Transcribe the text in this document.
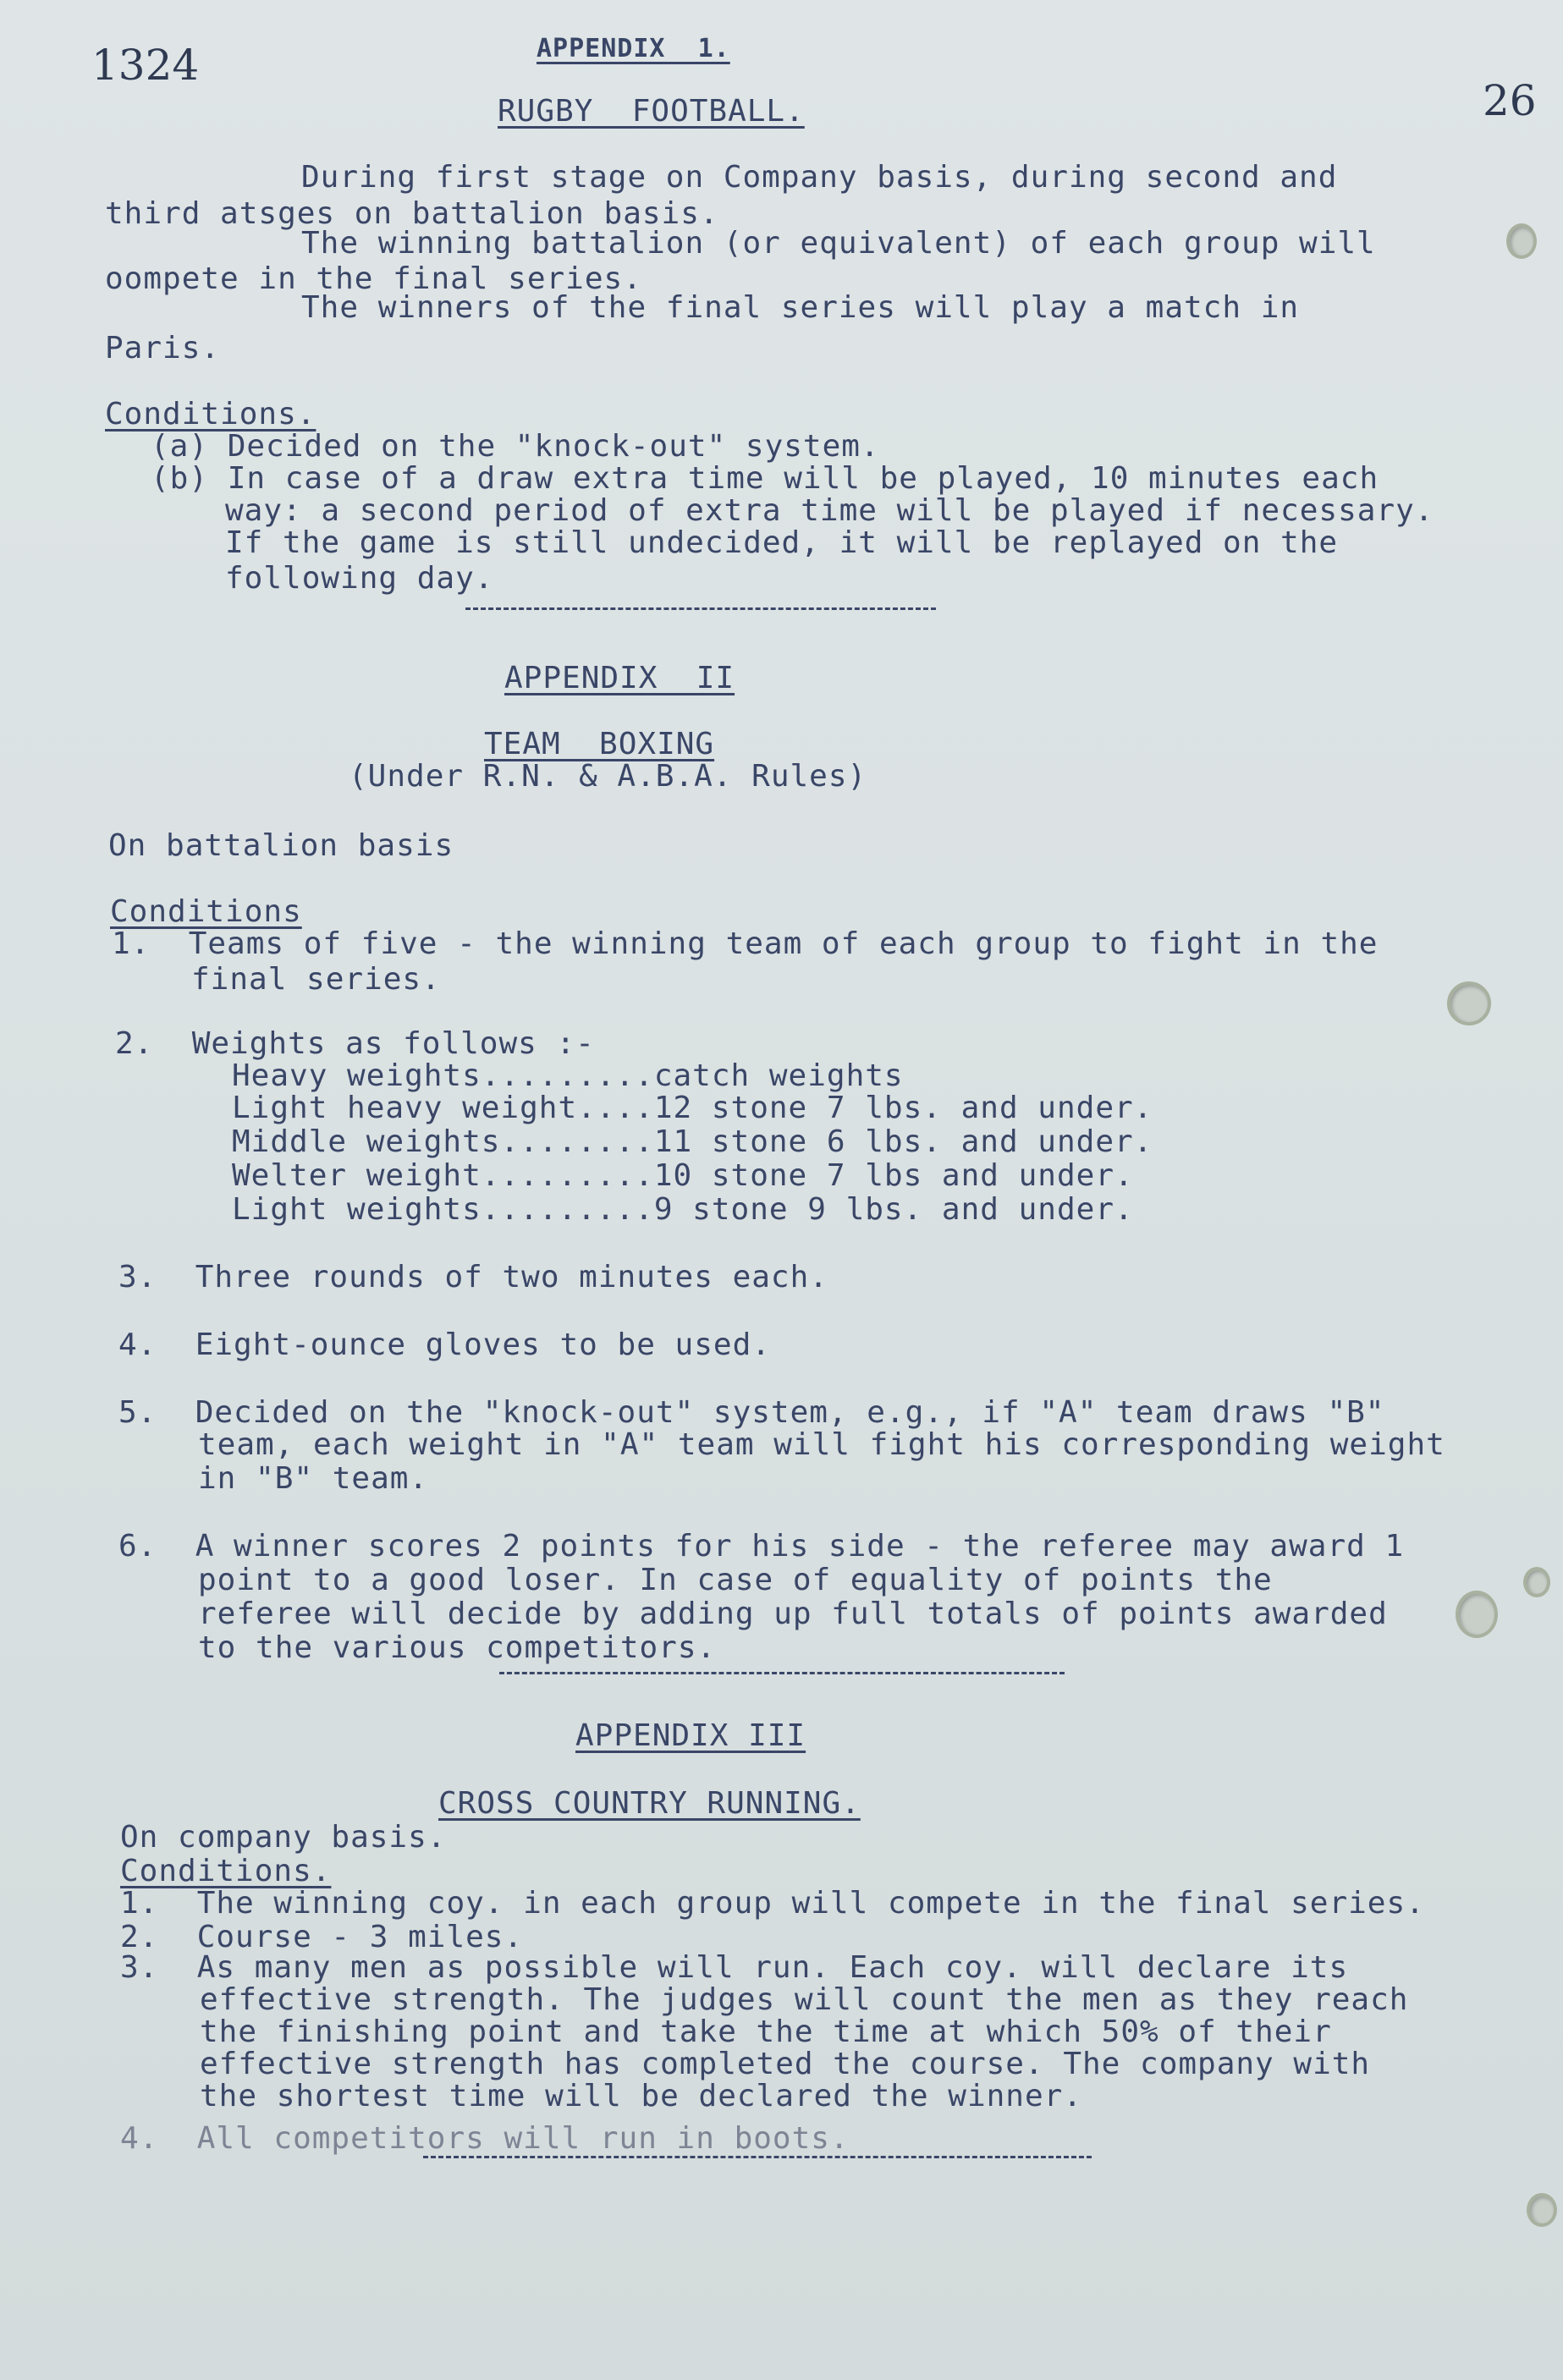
1324
26
APPENDIX  1.
RUGBY  FOOTBALL.
During first stage on Company basis, during second and
third atsges on battalion basis.
The winning battalion (or equivalent) of each group will
oompete in the final series.
The winners of the final series will play a match in
Paris.
Conditions.
(a) Decided on the "knock-out" system.
(b) In case of a draw extra time will be played, 10 minutes each
way: a second period of extra time will be played if necessary.
If the game is still undecided, it will be replayed on the
following day.
APPENDIX  II
TEAM  BOXING
(Under R.N. & A.B.A. Rules)
On battalion basis
Conditions
1.  Teams of five - the winning team of each group to fight in the
final series.
2.  Weights as follows :-
Heavy weights.........catch weights
Light heavy weight....12 stone 7 lbs. and under.
Middle weights........11 stone 6 lbs. and under.
Welter weight.........10 stone 7 lbs and under.
Light weights.........9 stone 9 lbs. and under.
3.  Three rounds of two minutes each.
4.  Eight-ounce gloves to be used.
5.  Decided on the "knock-out" system, e.g., if "A" team draws "B"
team, each weight in "A" team will fight his corresponding weight
in "B" team.
6.  A winner scores 2 points for his side - the referee may award 1
point to a good loser. In case of equality of points the
referee will decide by adding up full totals of points awarded
to the various competitors.
APPENDIX III
CROSS COUNTRY RUNNING.
On company basis.
Conditions.
1.  The winning coy. in each group will compete in the final series.
2.  Course - 3 miles.
3.  As many men as possible will run. Each coy. will declare its
effective strength. The judges will count the men as they reach
the finishing point and take the time at which 50% of their
effective strength has completed the course. The company with
the shortest time will be declared the winner.
4.  All competitors will run in boots.
